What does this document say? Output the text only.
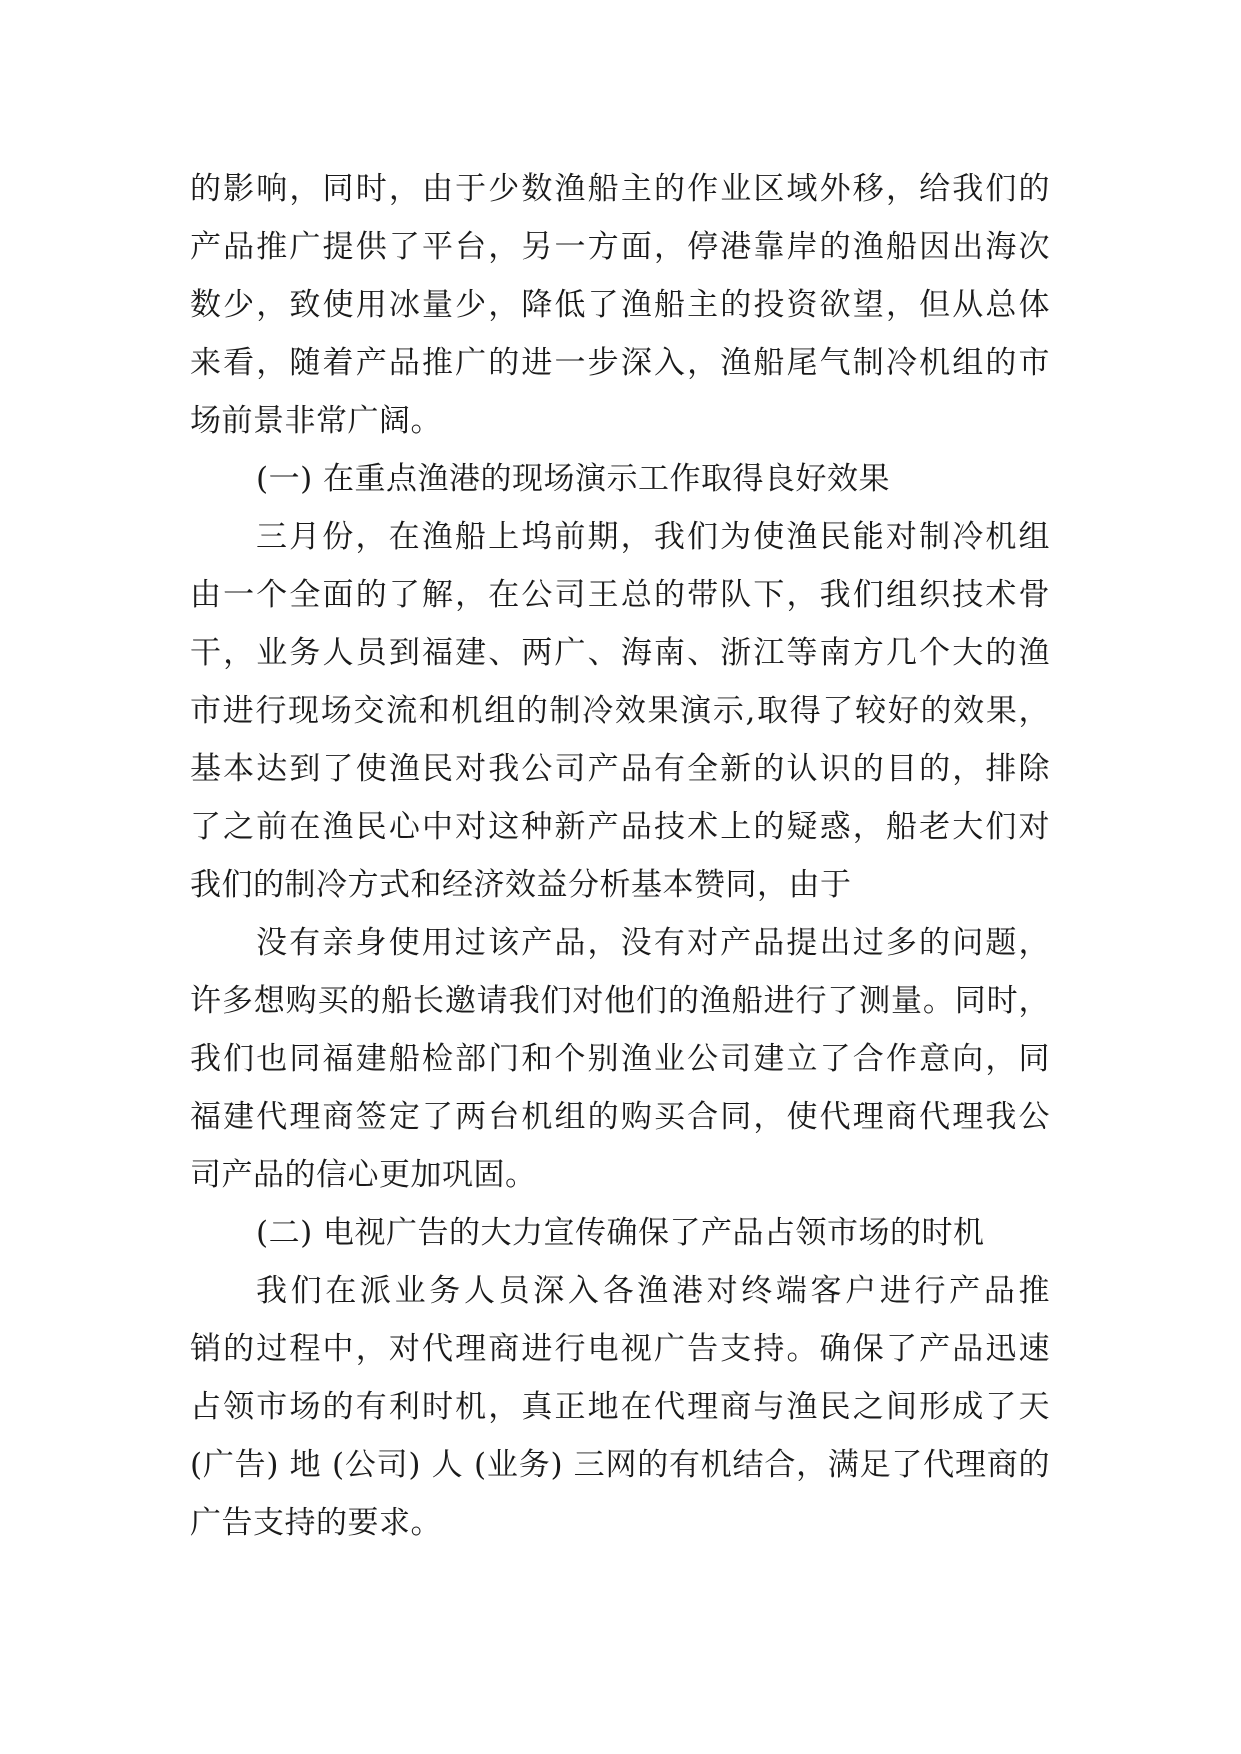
的影响，同时，由于少数渔船主的作业区域外移，给我们的
产品推广提供了平台，另一方面，停港靠岸的渔船因出海次
数少，致使用冰量少，降低了渔船主的投资欲望，但从总体
来看，随着产品推广的进一步深入，渔船尾气制冷机组的市
场前景非常广阔。
(一) 在重点渔港的现场演示工作取得良好效果
三月份，在渔船上坞前期，我们为使渔民能对制冷机组
由一个全面的了解，在公司王总的带队下，我们组织技术骨
干，业务人员到福建、两广、海南、浙江等南方几个大的渔
市进行现场交流和机组的制冷效果演示,取得了较好的效果，
基本达到了使渔民对我公司产品有全新的认识的目的，排除
了之前在渔民心中对这种新产品技术上的疑惑，船老大们对
我们的制冷方式和经济效益分析基本赞同，由于
没有亲身使用过该产品，没有对产品提出过多的问题，
许多想购买的船长邀请我们对他们的渔船进行了测量。同时，
我们也同福建船检部门和个别渔业公司建立了合作意向，同
福建代理商签定了两台机组的购买合同，使代理商代理我公
司产品的信心更加巩固。
(二) 电视广告的大力宣传确保了产品占领市场的时机
我们在派业务人员深入各渔港对终端客户进行产品推
销的过程中，对代理商进行电视广告支持。确保了产品迅速
占领市场的有利时机，真正地在代理商与渔民之间形成了天
(广告) 地 (公司) 人 (业务) 三网的有机结合，满足了代理商的
广告支持的要求。
